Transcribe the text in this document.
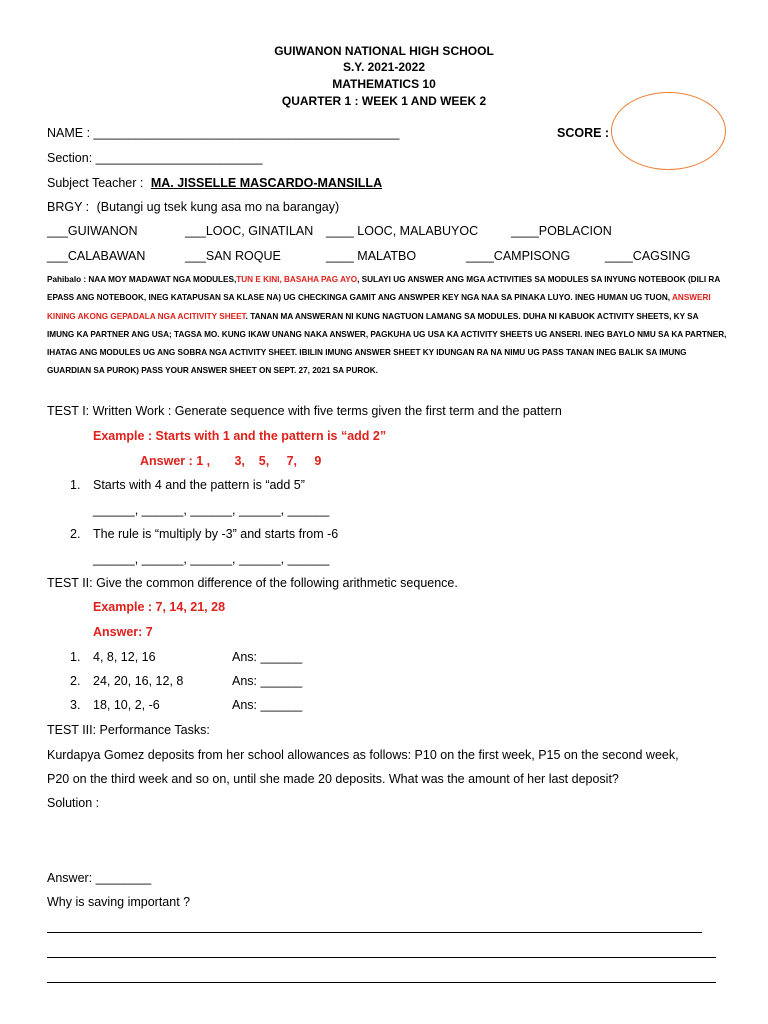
GUIWANON NATIONAL HIGH SCHOOL
S.Y. 2021-2022
MATHEMATICS 10
QUARTER 1 : WEEK 1 AND WEEK 2
NAME : ____________________________________________	SCORE :
Section: ________________________
Subject Teacher : MA. JISSELLE MASCARDO-MANSILLA
BRGY : (Butangi ug tsek kung asa mo na barangay)
___GUIWANON	___LOOC, GINATILAN ____ LOOC, MALABUYOC	____POBLACION
___CALABAWAN	___SAN ROQUE	____ MALATBO	____CAMPISONG	____CAGSING
Pahibalo : NAA MOY MADAWAT NGA MODULES,TUN E KINI, BASAHA PAG AYO, SULAYI UG ANSWER ANG MGA ACTIVITIES SA MODULES SA INYUNG NOTEBOOK (DILI RA EPASS ANG NOTEBOOK, INEG KATAPUSAN SA KLASE NA) UG CHECKINGA GAMIT ANG ANSWPER KEY NGA NAA SA PINAKA LUYO. INEG HUMAN UG TUON, ANSWERI KINING AKONG GEPADALA NGA ACITIVITY SHEET. TANAN MA ANSWERAN NI KUNG NAGTUON LAMANG SA MODULES. DUHA NI KABUOK ACTIVITY SHEETS, KY SA IMUNG KA PARTNER ANG USA; TAGSA MO. KUNG IKAW UNANG NAKA ANSWER, PAGKUHA UG USA KA ACTIVITY SHEETS UG ANSERI. INEG BAYLO NMU SA KA PARTNER, IHATAG ANG MODULES UG ANG SOBRA NGA ACTIVITY SHEET. IBILIN IMUNG ANSWER SHEET KY IDUNGAN RA NA NIMU UG PASS TANAN INEG BALIK SA IMUNG GUARDIAN SA PUROK) PASS YOUR ANSWER SHEET ON SEPT. 27, 2021 SA PUROK.
TEST I: Written Work : Generate sequence with five terms given the first term and the pattern
Example : Starts with 1 and the pattern is “add 2”
Answer : 1 ,       3,    5,     7,     9
1. Starts with 4 and the pattern is “add 5”
______, ______, ______, ______, ______
2. The rule is “multiply by -3” and starts from -6
______, ______, ______, ______, ______
TEST II: Give the common difference of the following arithmetic sequence.
Example : 7, 14, 21, 28
Answer: 7
1. 4, 8, 12, 16	Ans: ______
2. 24, 20, 16, 12, 8	Ans: ______
3. 18, 10, 2, -6	Ans: ______
TEST III: Performance Tasks:
Kurdapya Gomez deposits from her school allowances as follows: P10 on the first week, P15 on the second week,
P20 on the third week and so on, until she made 20 deposits. What was the amount of her last deposit?
Solution :
Answer: ________
Why is saving important ?
